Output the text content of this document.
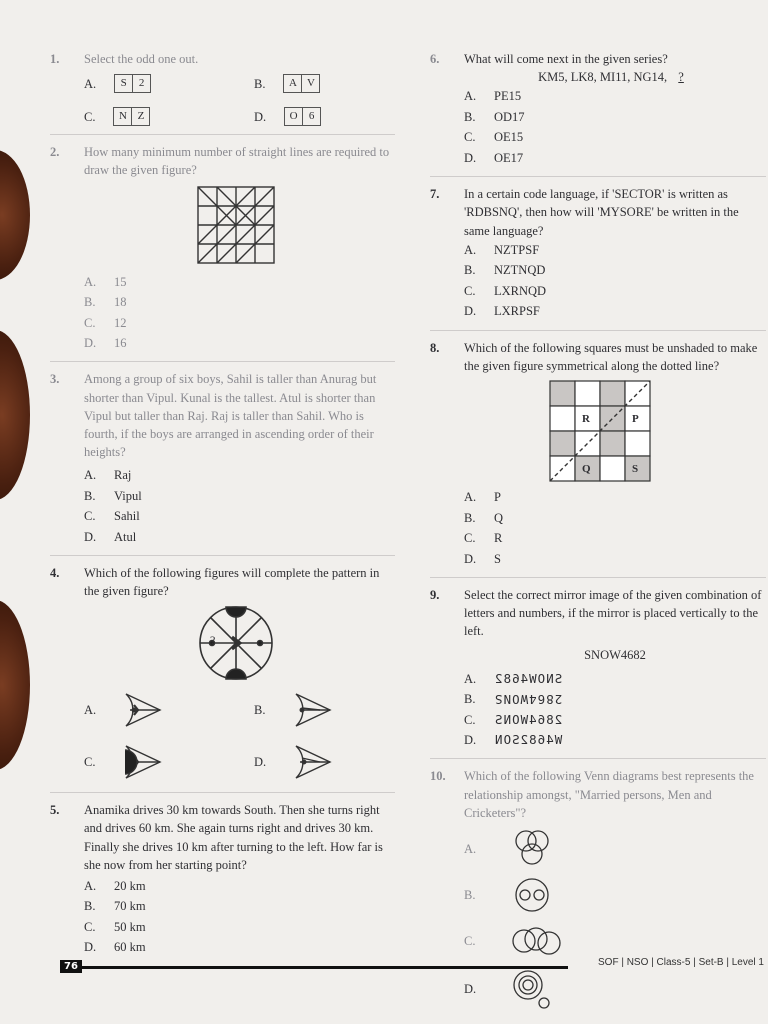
1. Select the odd one out.
A.	S	2	B.	A V
C.	N Z	D.	O	6
2. How many minimum number of straight lines are required to draw the given figure?
A.	15
B.	18
C.	12
D.	16
3. Among a group of six boys, Sahil is taller than Anurag but shorter than Vipul. Kunal is the tallest. Atul is shorter than Vipul but taller than Raj. Raj is taller than Sahil. Who is fourth, if the boys are arranged in ascending order of their heights?
A.	Raj
B.	Vipul
C.	Sahil
D.	Atul
4. Which of the following figures will complete the pattern in the given figure?
?
A.	B.
C.	D.
5. Anamika drives 30 km towards South. Then she turns right and drives 60 km. She again turns right and drives 30 km. Finally she drives 10 km after turning to the left. How far is she now from her starting point?
A.	20 km
B.	70 km
C.	50 km
D.	60 km
6. What will come next in the given series?
KM5, LK8, MI11, NG14, ?
A.	PE15
B.	OD17
C.	OE15
D.	OE17
7. In a certain code language, if 'SECTOR' is written as 'RDBSNQ', then how will 'MYSORE' be written in the same language?
A.	NZTPSF
B.	NZTNQD
C.	LXRNQD
D.	LXRPSF
8. Which of the following squares must be unshaded to make the given figure symmetrical along the dotted line?
R	P
Q	S
A.	P
B.	Q
C.	R
D.	S
9. Select the correct mirror image of the given combination of letters and numbers, if the mirror is placed vertically to the left.
SNOW4682
A.	SNOW4682
B.	2864WONS
C.	2864WONS
D.	W4682SON
10. Which of the following Venn diagrams best represents the relationship amongst, "Married persons, Men and Cricketers"?
A.
B.
C.
D.
76	SOF | NSO | Class-5 | Set-B | Level 1
